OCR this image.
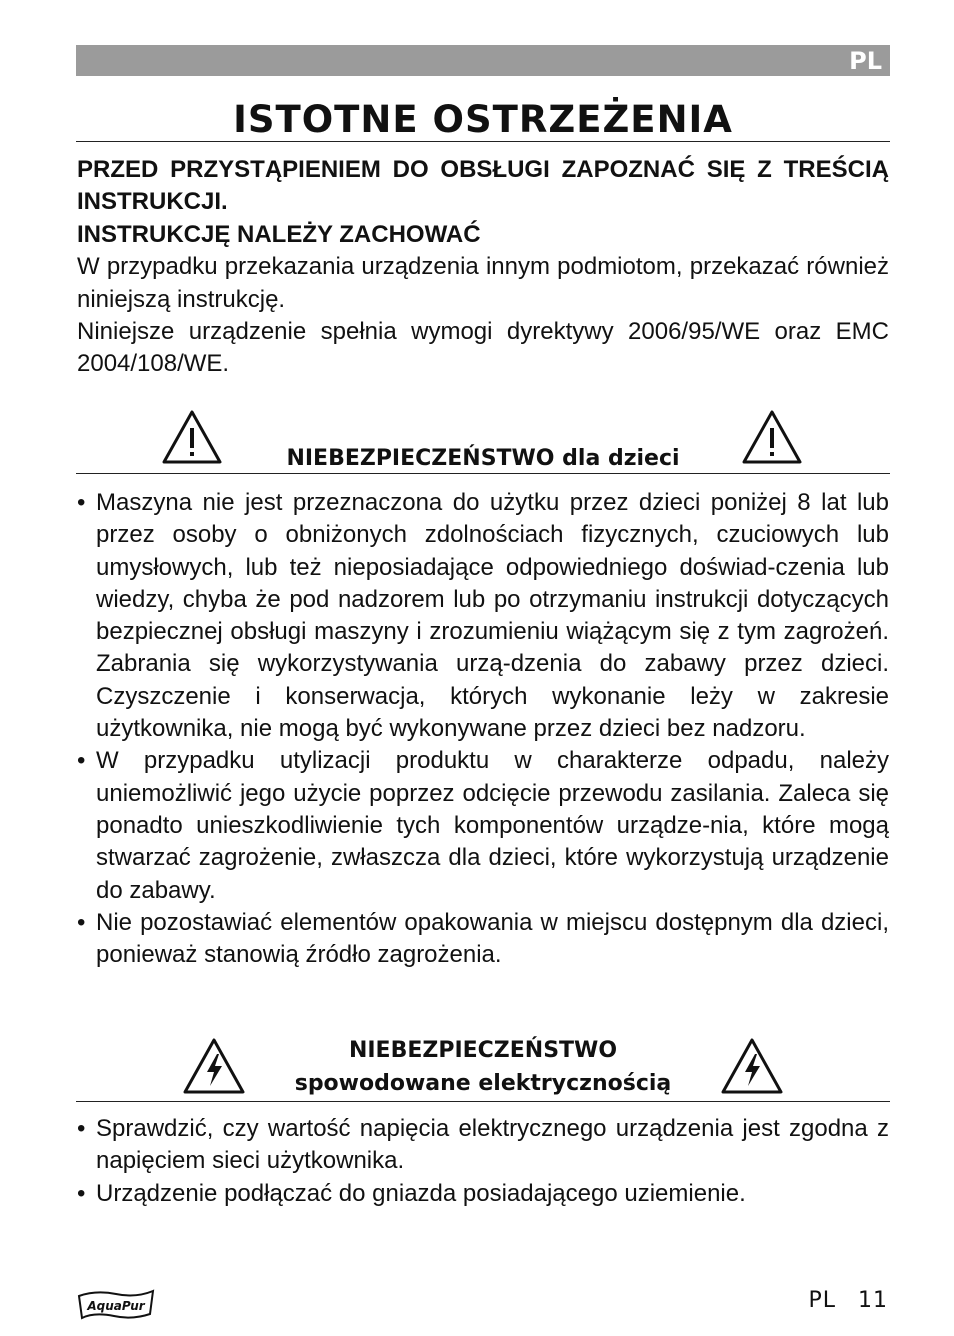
PL
ISTOTNE OSTRZEŻENIA

PRZED PRZYSTĄPIENIEM DO OBSŁUGI ZAPOZNAĆ SIĘ Z TREŚCIĄ INSTRUKCJI.

INSTRUKCJĘ NALEŻY ZACHOWAĆ

W przypadku przekazania urządzenia innym podmiotom, przekazać również niniejszą instrukcję.

Niniejsze urządzenie spełnia wymogi dyrektywy 2006/95/WE oraz EMC 2004/108/WE.

NIEBEZPIECZEŃSTWO dla dzieci
• Maszyna nie jest przeznaczona do użytku przez dzieci poniżej 8 lat lub przez osoby o obniżonych zdolnościach fizycznych, czuciowych lub umysłowych, lub też nieposiadające odpowiedniego doświad-czenia lub wiedzy, chyba że pod nadzorem lub po otrzymaniu instrukcji dotyczących bezpiecznej obsługi maszyny i zrozumieniu wiążącym się z tym zagrożeń. Zabrania się wykorzystywania urzą-dzenia do zabawy przez dzieci. Czyszczenie i konserwacja, których wykonanie leży w zakresie użytkownika, nie mogą być wykonywane przez dzieci bez nadzoru.
• W przypadku utylizacji produktu w charakterze odpadu, należy uniemożliwić jego użycie poprzez odcięcie przewodu zasilania. Zaleca się ponadto unieszkodliwienie tych komponentów urządze-nia, które mogą stwarzać zagrożenie, zwłaszcza dla dzieci, które wykorzystują urządzenie do zabawy.
• Nie pozostawiać elementów opakowania w miejscu dostępnym dla dzieci, ponieważ stanowią źródło zagrożenia.
NIEBEZPIECZEŃSTWO
spowodowane elektrycznością
• Sprawdzić, czy wartość napięcia elektrycznego urządzenia jest zgodna z napięciem sieci użytkownika.
• Urządzenie podłączać do gniazda posiadającego uziemienie.
AquaPur	PL 11
